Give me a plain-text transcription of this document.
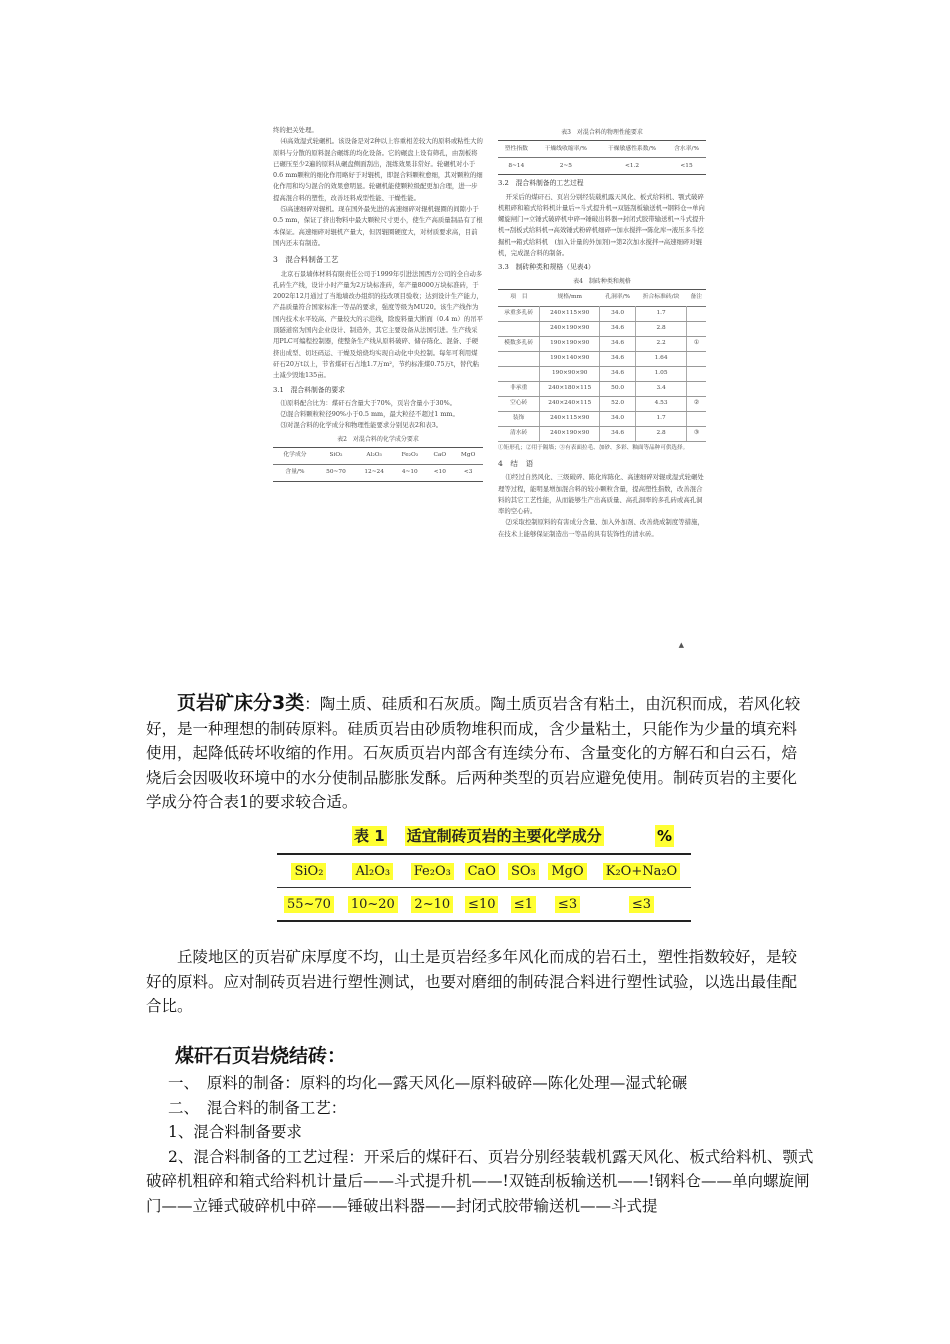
终的把关处理。

⑷高效湿式轮碾机。该设备是对2种以上容重相差较大的原料或粘性大的原料与分散的原料混合碾练的均化设备。它的碾盘上设有筛孔，由刮板将已碾压至少2遍的原料从碾盘侧面刮出，混练效果非常好。轮碾机对小于0.6 mm颗粒的细化作用略好于对辊机，即混合料颗粒愈细，其对颗粒的细化作用和均匀混合的效果愈明显。轮碾机能使颗粒级配更加合理，进一步提高混合料的塑性，改善坯料成型性能、干燥性能。

⑸高速细碎对辊机。现在国外最先进的高速细碎对辊机辊圈的间隙小于0.5 mm，保证了挤出物料中最大颗粒尺寸更小，使生产高质量制品有了根本保证。高速细碎对辊机产量大，但因辊圈硬度大，对材质要求高，目前国内还未有制造。

3　混合料制备工艺

北京石景墙体材料有限责任公司于1999年引进法国西方公司的全自动多孔砖生产线，设计小时产量为2万块标准砖，年产量8000万块标准砖，于2002年12月通过了当地墙改办组织的技改项目验收；达到设计生产能力，产品质量符合国家标准一等品的要求，强度等级为MU20。该生产线作为国内技术水平较高、产量较大的示范线，除废料量大断面（0.4 m）的吊平顶隧道窑为国内企业设计、制造外，其它主要设备从法国引进。生产线采用PLC可编程控制器，使整条生产线从原料破碎、储存陈化、混备、手硬挤出成型、切坯码运、干燥及焙烧均实现自动化中央控制。每年可利用煤矸石20万t以上，节省煤矸石占地1.7万m²，节约标准煤0.75万t，替代粘土减少毁地135亩。

3.1　混合料制备的要求

⑴原料配合比为：煤矸石含量大于70%，页岩含量小于30%。

⑵混合料颗粒粒径90%小于0.5 mm，最大粒径不超过1 mm。

⑶对混合料的化学成分和物理性能要求分别见表2和表3。

表2　对混合料的化学成分要求
化学成分	SiO₂	Al₂O₃	Fe₂O₃	CaO	MgO
含量/%	50~70	12~24	4~10	<10	<3
表3　对混合料的物理性能要求
塑性指数	干燥线收缩率/%	干燥敏感性系数/%	含水率/%
8~14	2~5	<1.2	<15
3.2　混合料制备的工艺过程

开采后的煤矸石、页岩分别经装载机露天风化、板式给料机、颚式破碎机粗碎和箱式给料机计量后→斗式提升机→双链刮板输送机→钢料仓→单向螺旋闸门→立锤式破碎机中碎→锤破出料器→封闭式胶带输送机→斗式提升机→刮板式给料机→高效锤式粉碎机细碎→加水搅拌→陈化库→液压多斗挖掘机→箱式给料机　(加入计量的外加剂)→第2次加水搅拌→高速细碎对辊机，完成混合料的制备。

3.3　制砖种类和规格（见表4）
表4　制砖种类和规格
项　目	规格/mm	孔洞率/%	折合标准砖/块	备注
承重多孔砖	240×115×90	34.0	1.7	
	240×190×90	34.6	2.8	
模数多孔砖	190×190×90	34.6	2.2	①
	190×140×90	34.6	1.64	
	190×90×90	34.6	1.05	
非承重	240×180×115	50.0	3.4	
空心砖	240×240×115	52.0	4.53	②
装饰	240×115×90	34.0	1.7	
清水砖	240×190×90	34.6	2.8	③
①矩形孔；②用于隔墙；③有表面拉毛、加砂、多彩、釉面等品种可供选择。
4　结　语

⑴经过自然风化、三级破碎、陈化库陈化、高速细碎对辊或湿式轮碾处理等过程，能明显增加混合料的较小颗粒含量，提高塑性指数，改善混合料的其它工艺性能，从而能够生产出高质量、高孔洞率的多孔砖或高孔洞率的空心砖。

⑵采取控制原料的有害成分含量、加入外加剂、改善烧成制度等措施，在技术上能够保证制造出一等品的具有装饰性的清水砖。

▲

页岩矿床分3类：陶土质、硅质和石灰质。陶土质页岩含有粘土，由沉积而成，若风化较好，是一种理想的制砖原料。硅质页岩由砂质物堆积而成，含少量粘土，只能作为少量的填充料使用，起降低砖坏收缩的作用。石灰质页岩内部含有连续分布、含量变化的方解石和白云石，焙烧后会因吸收环境中的水分使制品膨胀发酥。后两种类型的页岩应避免使用。制砖页岩的主要化学成分符合表1的要求较合适。

表 1 适宜制砖页岩的主要化学成分	%
SiO₂	Al₂O₃	Fe₂O₃	CaO	SO₃	MgO	K₂O+Na₂O
55~70	10~20	2~10	≤10	≤1	≤3	≤3

丘陵地区的页岩矿床厚度不均，山土是页岩经多年风化而成的岩石土，塑性指数较好，是较好的原料。应对制砖页岩进行塑性测试，也要对磨细的制砖混合料进行塑性试验，以选出最佳配合比。

煤矸石页岩烧结砖：

一、　原料的制备：原料的均化—露天风化—原料破碎—陈化处理—湿式轮碾

二、　混合料的制备工艺：

1、混合料制备要求

2、混合料制备的工艺过程：开采后的煤矸石、页岩分别经装载机露天风化、板式给料机、颚式破碎机粗碎和箱式给料机计量后——斗式提升机——!双链刮板输送机——!钢料仓——单向螺旋闸门——立锤式破碎机中碎——锤破出料器——封闭式胶带输送机——斗式提
